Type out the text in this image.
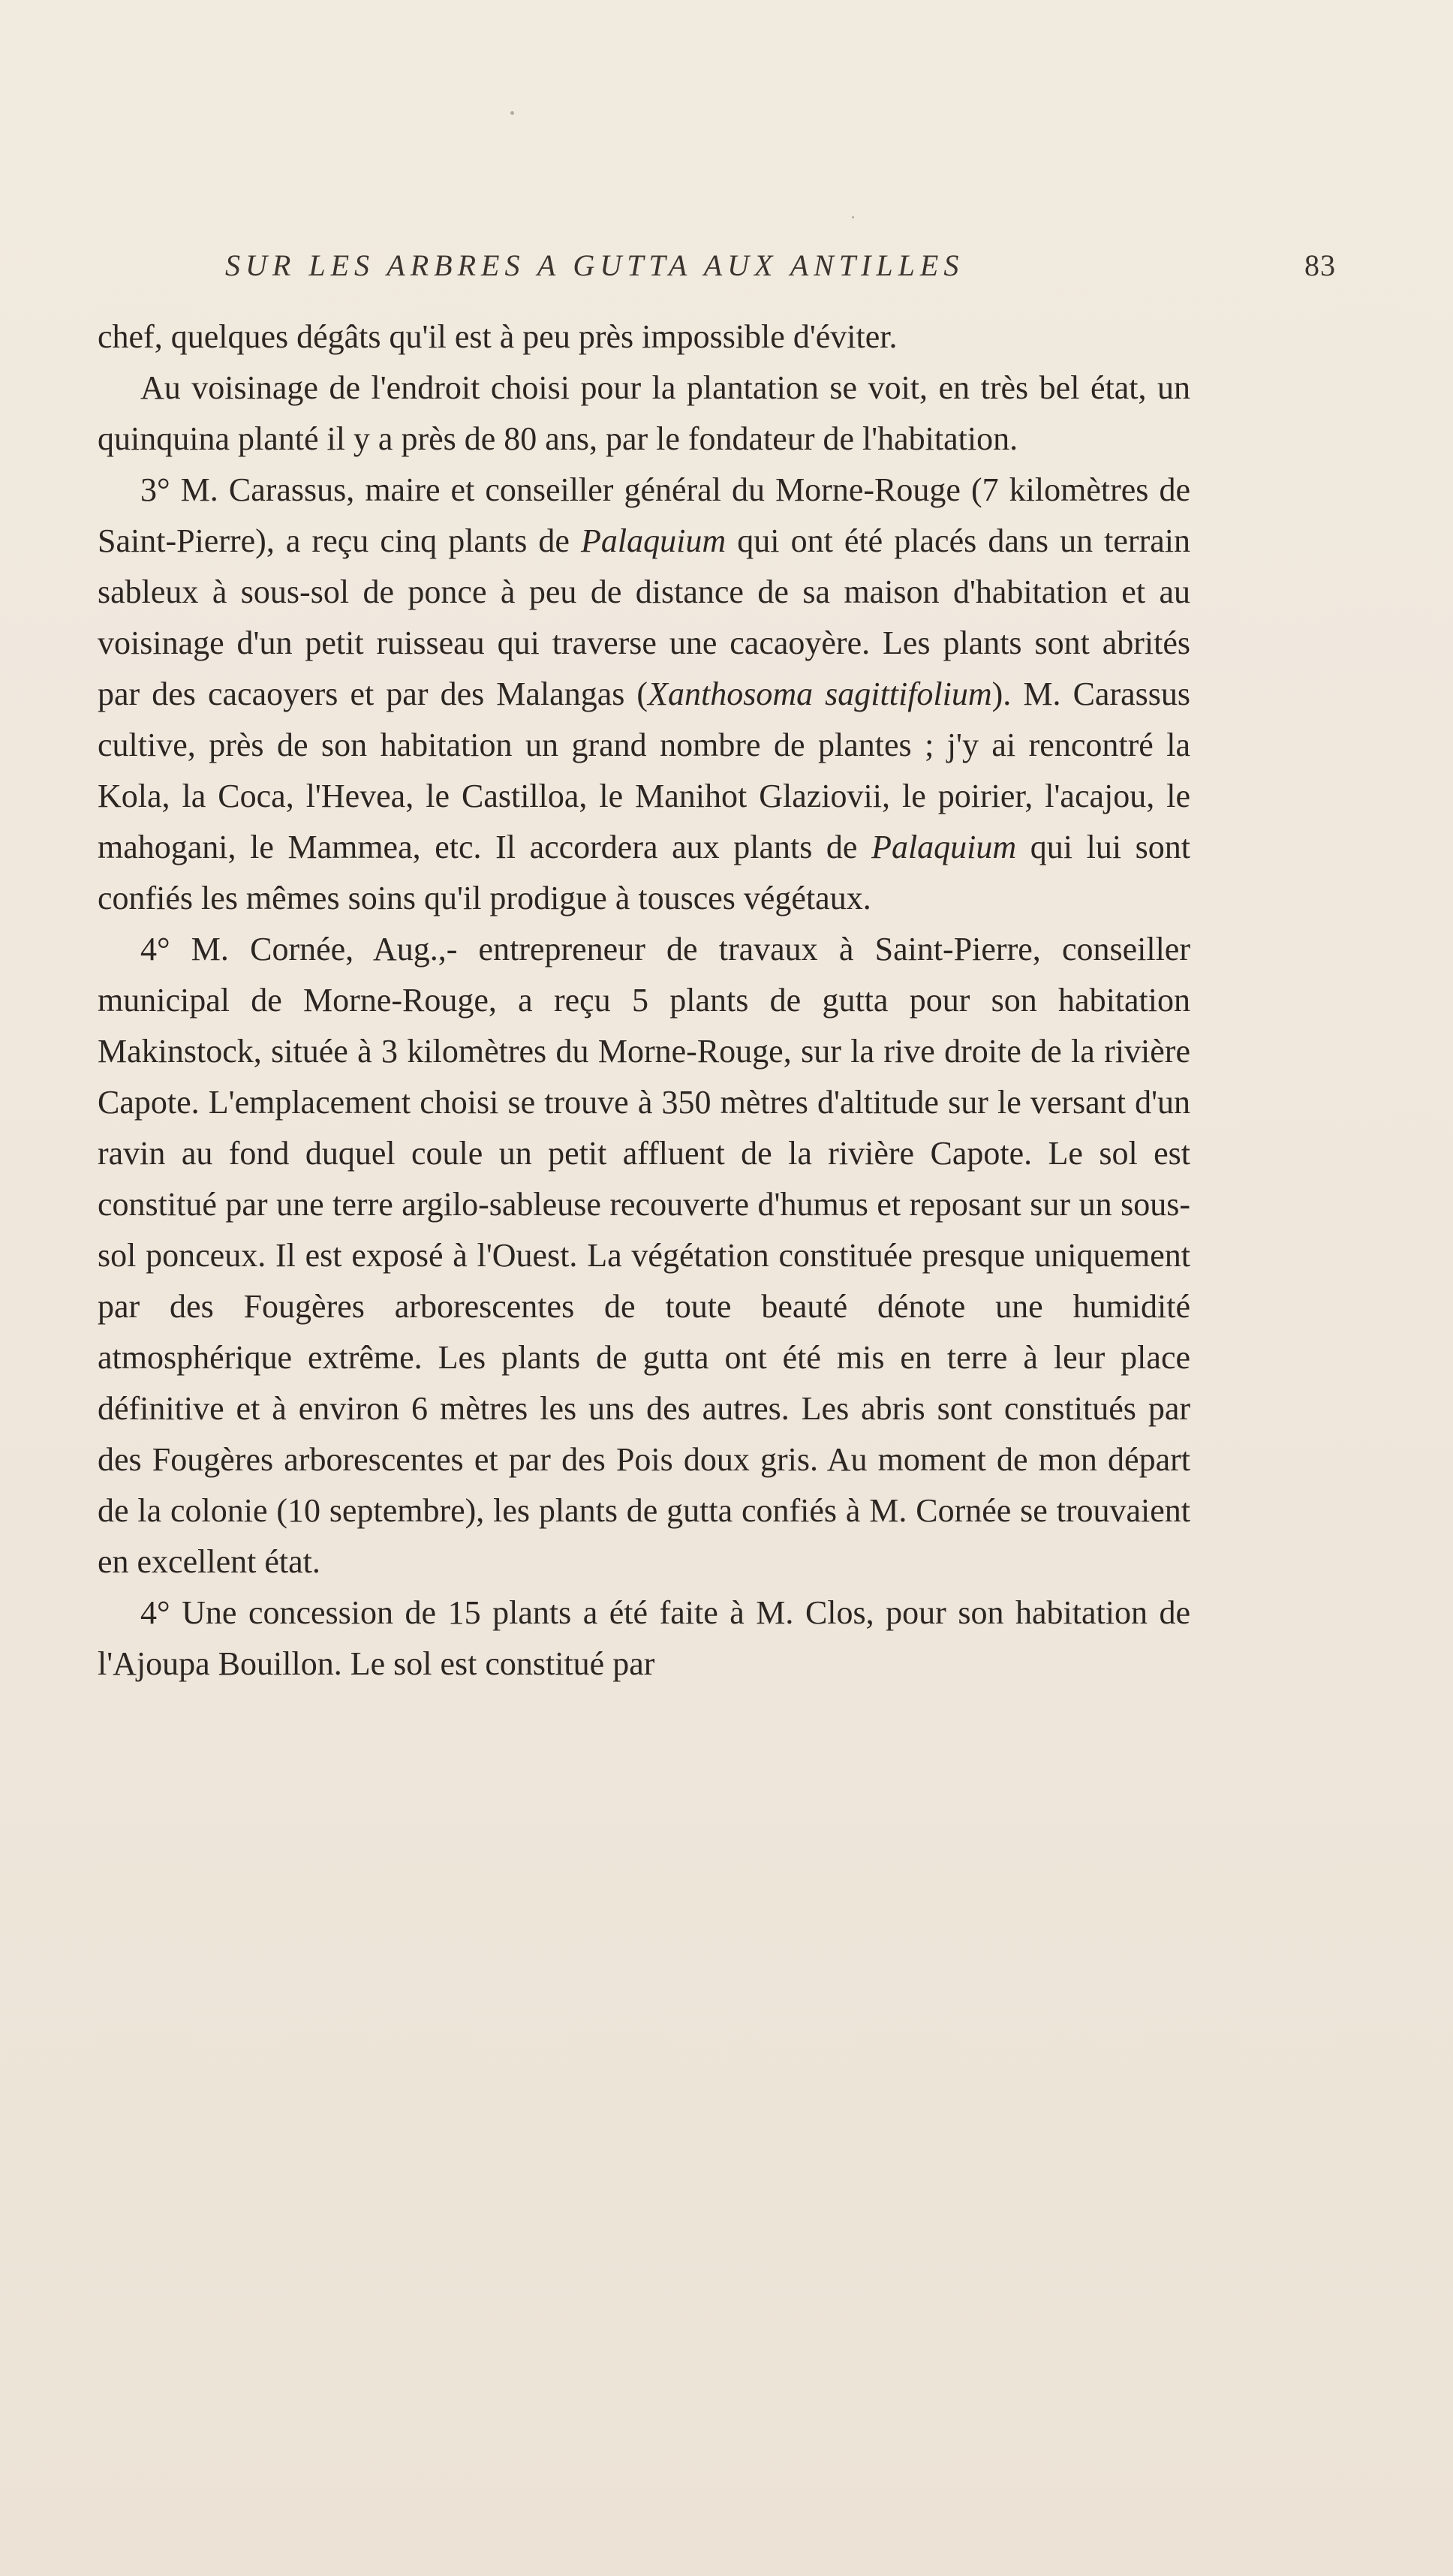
SUR LES ARBRES A GUTTA AUX ANTILLES	83

chef, quelques dégâts qu'il est à peu près impossible d'éviter.

Au voisinage de l'endroit choisi pour la plantation se voit, en très bel état, un quinquina planté il y a près de 80 ans, par le fondateur de l'habitation.

3° M. Carassus, maire et conseiller général du Morne-Rouge (7 kilomètres de Saint-Pierre), a reçu cinq plants de Palaquium qui ont été placés dans un terrain sableux à sous-sol de ponce à peu de distance de sa maison d'habitation et au voisinage d'un petit ruisseau qui traverse une cacaoyère. Les plants sont abrités par des cacaoyers et par des Malangas (Xanthosoma sagittifolium). M. Carassus cultive, près de son habitation un grand nombre de plantes ; j'y ai rencontré la Kola, la Coca, l'Hevea, le Castilloa, le Manihot Glaziovii, le poirier, l'acajou, le mahogani, le Mammea, etc. Il accordera aux plants de Palaquium qui lui sont confiés les mêmes soins qu'il prodigue à tousces végétaux.

4° M. Cornée, Aug.,- entrepreneur de travaux à Saint-Pierre, conseiller municipal de Morne-Rouge, a reçu 5 plants de gutta pour son habitation Makinstock, située à 3 kilomètres du Morne-Rouge, sur la rive droite de la rivière Capote. L'emplacement choisi se trouve à 350 mètres d'altitude sur le versant d'un ravin au fond duquel coule un petit affluent de la rivière Capote. Le sol est constitué par une terre argilo-sableuse recouverte d'humus et reposant sur un sous-sol ponceux. Il est exposé à l'Ouest. La végétation constituée presque uniquement par des Fougères arborescentes de toute beauté dénote une humidité atmosphérique extrême. Les plants de gutta ont été mis en terre à leur place définitive et à environ 6 mètres les uns des autres. Les abris sont constitués par des Fougères arborescentes et par des Pois doux gris. Au moment de mon départ de la colonie (10 septembre), les plants de gutta confiés à M. Cornée se trouvaient en excellent état.

4° Une concession de 15 plants a été faite à M. Clos, pour son habitation de l'Ajoupa Bouillon. Le sol est constitué par
